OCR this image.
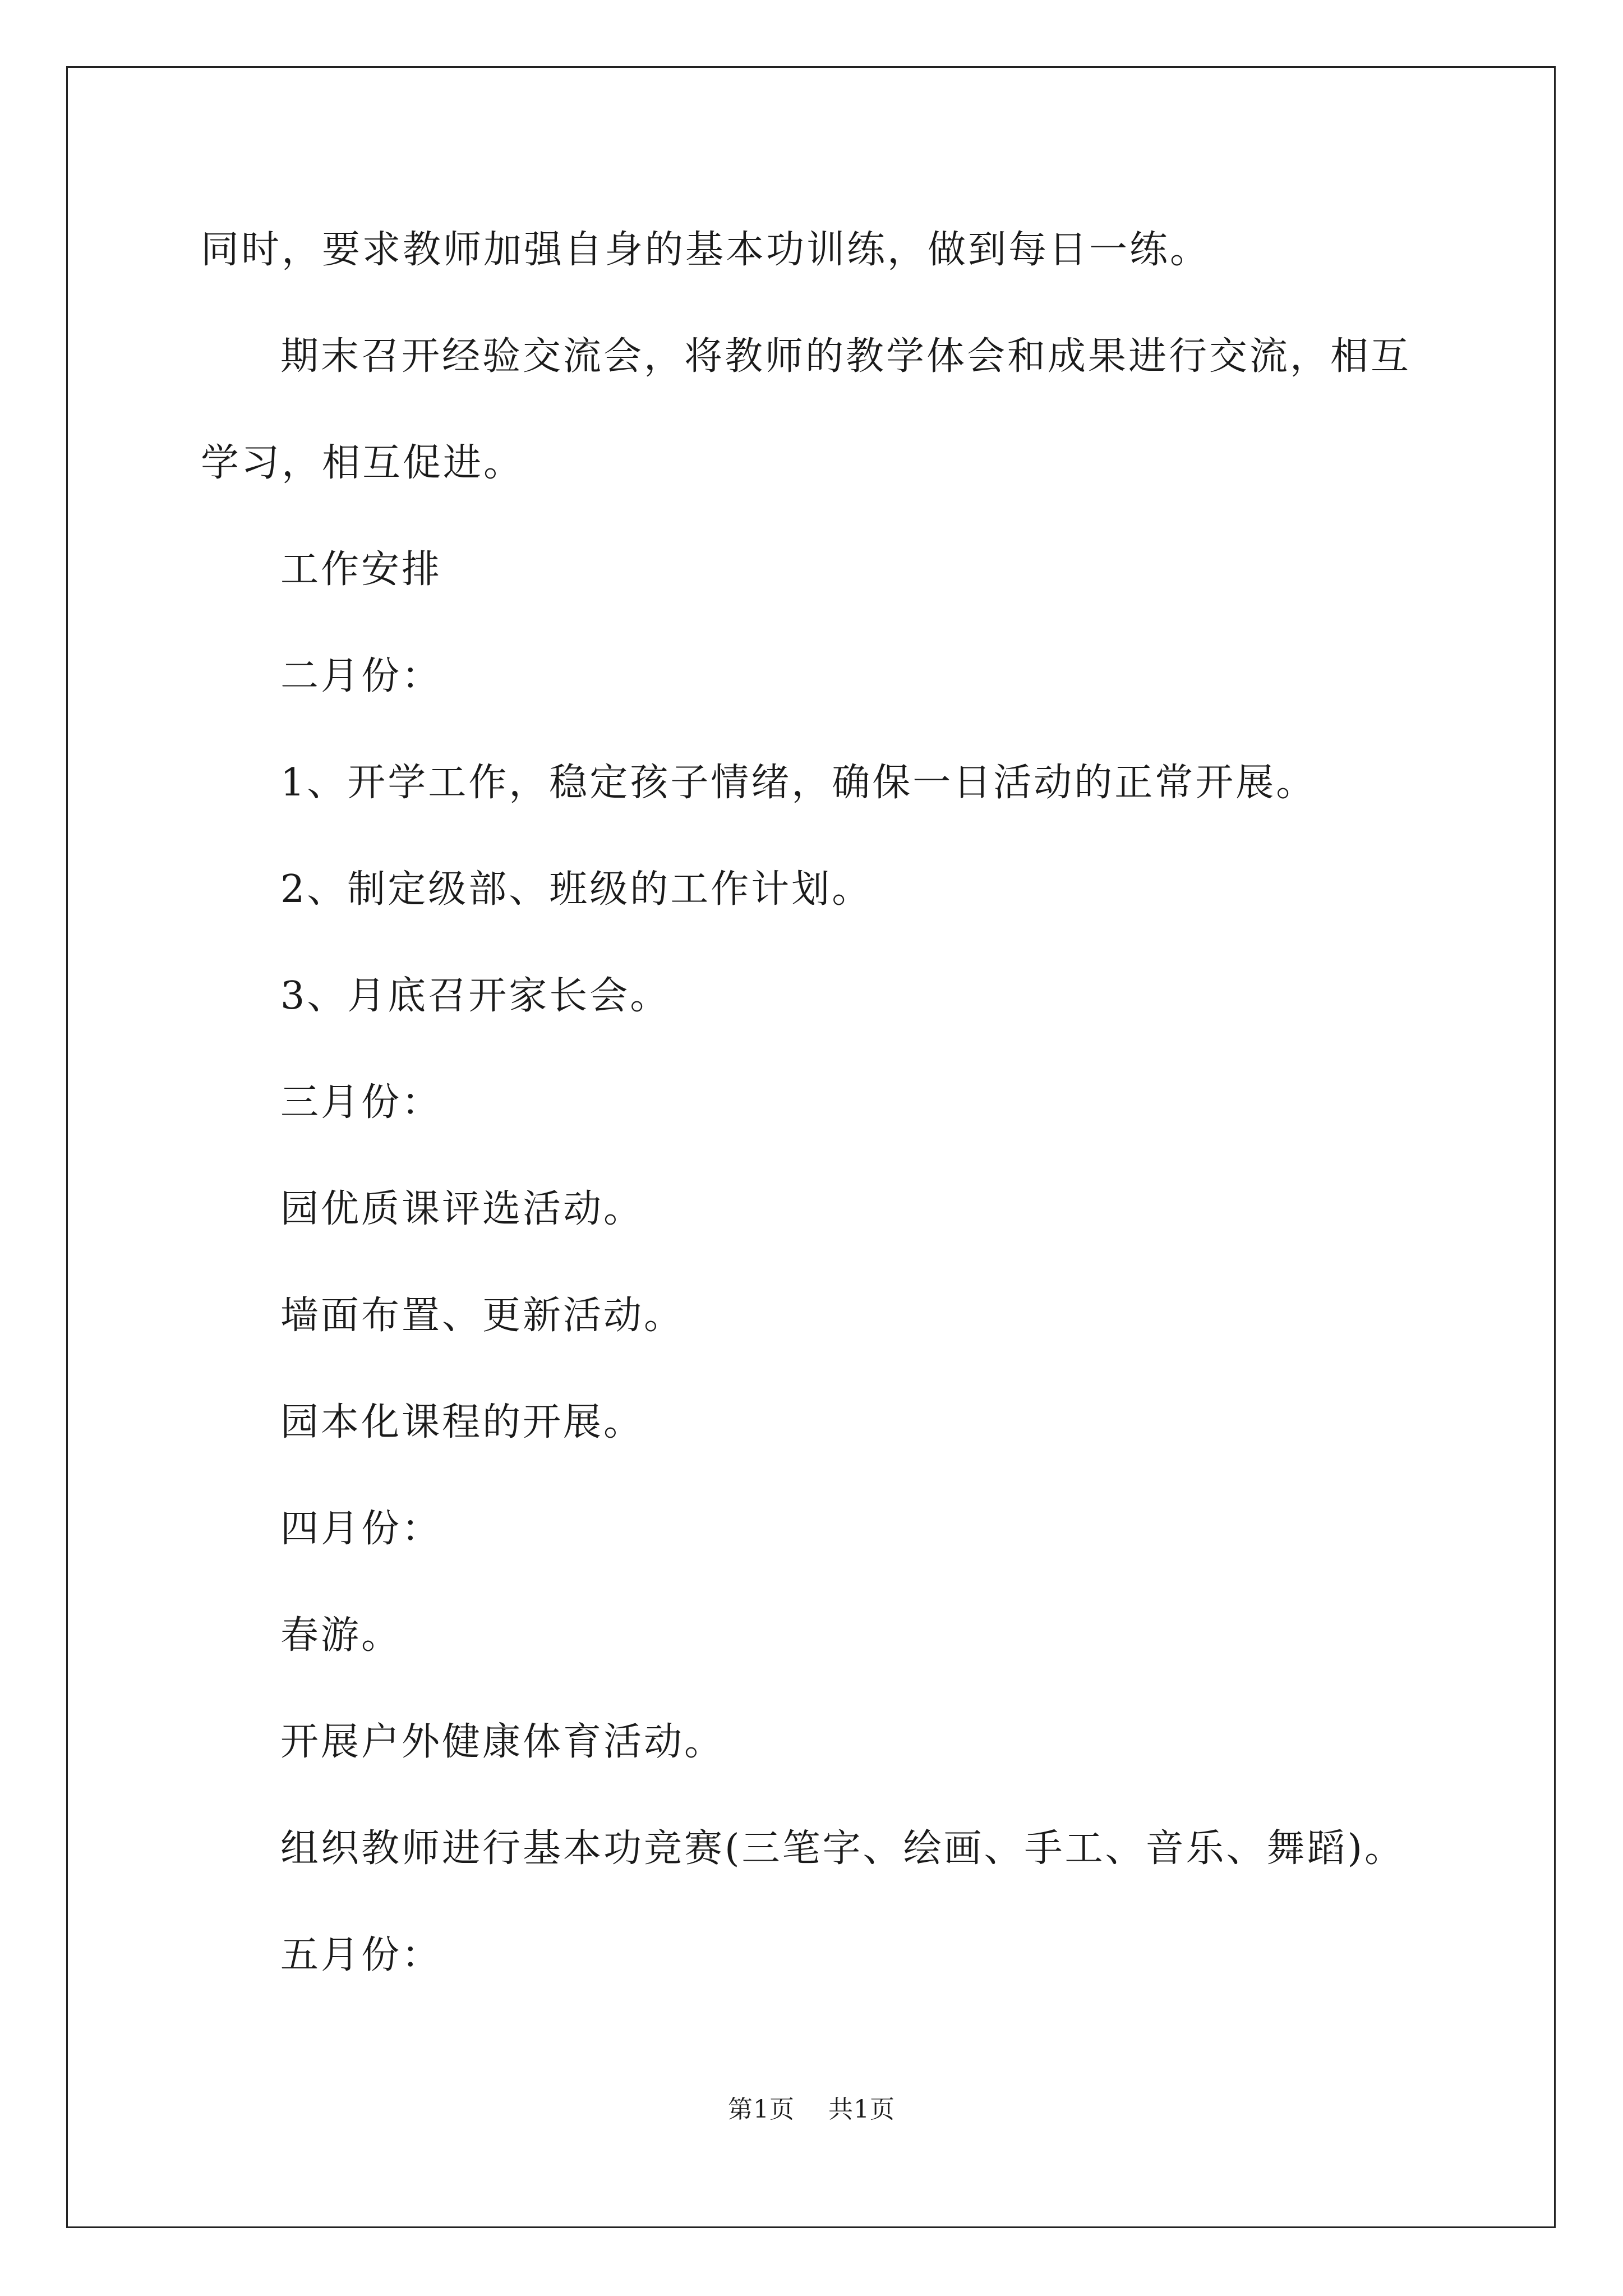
同时，要求教师加强自身的基本功训练，做到每日一练。

期末召开经验交流会，将教师的教学体会和成果进行交流，相互

学习，相互促进。

工作安排

二月份：

1、开学工作，稳定孩子情绪，确保一日活动的正常开展。

2、制定级部、班级的工作计划。

3、月底召开家长会。

三月份：

园优质课评选活动。

墙面布置、更新活动。

园本化课程的开展。

四月份：

春游。

开展户外健康体育活动。

组织教师进行基本功竞赛(三笔字、绘画、手工、音乐、舞蹈)。

五月份：

第1页 共1页
